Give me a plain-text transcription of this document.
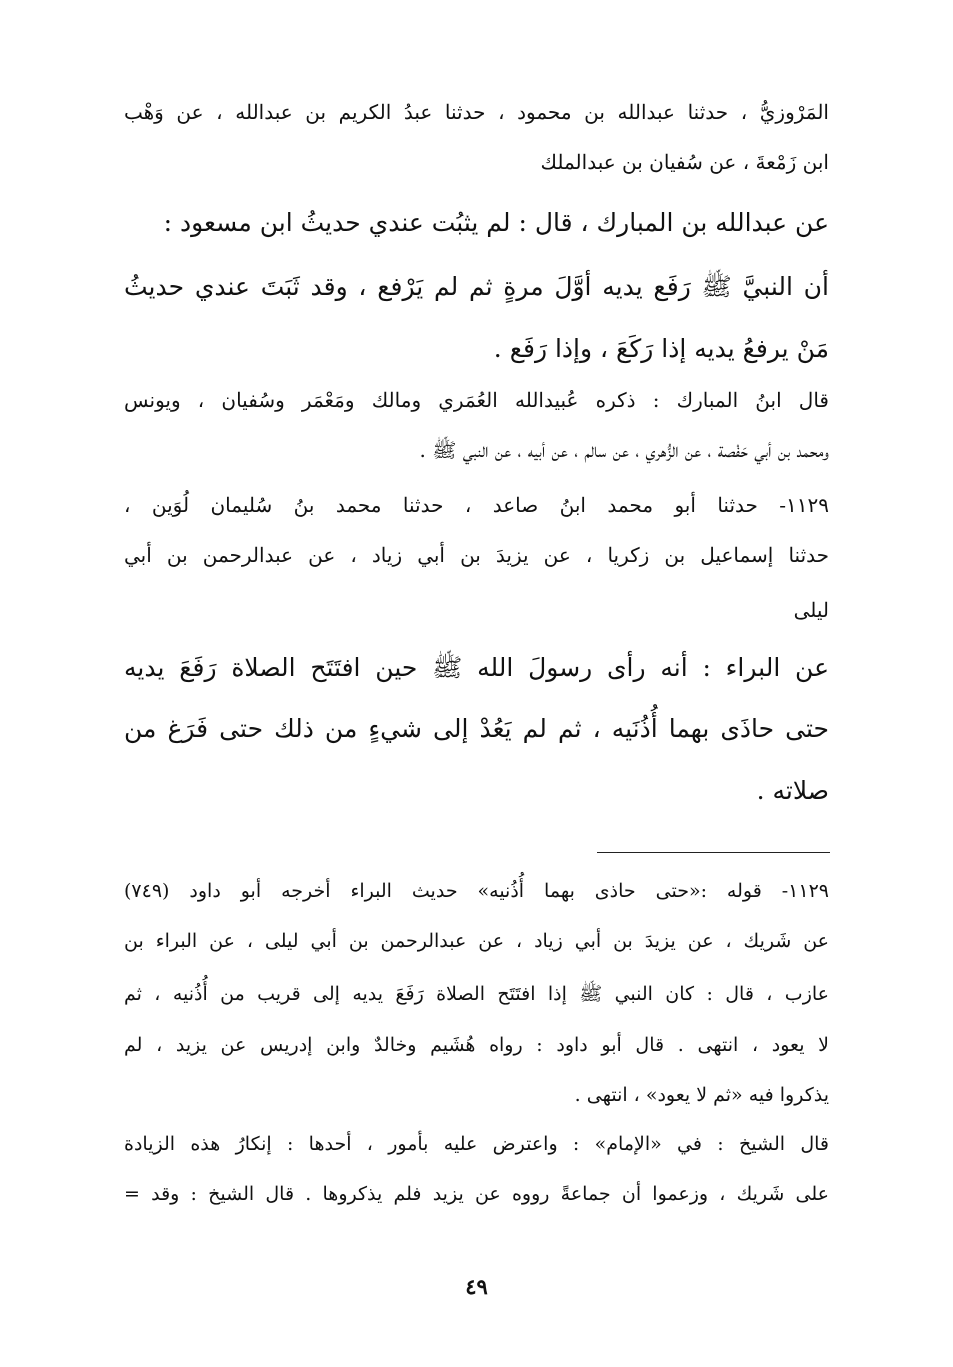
المَرْوزيُّ ، حدثنا عبدالله بن محمود ، حدثنا عبدُ الكريم بن عبدالله ، عن وَهْب
ابن زَمْعةَ ، عن سُفيان بن عبدالملك
عن عبدالله بن المبارك ، قال : لم يثبُت عندي حديثُ ابن مسعود :
أن النبيَّ ﷺ رَفَع يديه أوَّلَ مرةٍ ثم لم يَرْفع ، وقد ثَبَتَ عندي حديثُ
مَنْ يرفعُ يديه إذا رَكَعَ ، وإذا رَفَع .
قال ابنُ المبارك : ذكره عُبيدالله العُمَري ومالك ومَعْمَر وسُفيان ، ويونس
ومحمد بن أبي حَفْصة ، عن الزُّهري ، عن سالم ، عن أبيه ، عن النبي ﷺ .
١١٢٩- حدثنا أبو محمد ابنُ صاعد ، حدثنا محمد بنُ سُليمان لُوَين ،
حدثنا إسماعيل بن زكريا ، عن يزيدَ بن أبي زياد ، عن عبدالرحمن بن أبي
ليلى
عن البراء : أنه رأى رسولَ الله ﷺ حين افتَتَح الصلاة رَفَعَ يديه
حتى حاذَى بهما أُذُنَيه ، ثم لم يَعُدْ إلى شيءٍ من ذلك حتى فَرَغ من
صلاته .
١١٢٩- قوله :«حتى حاذى بهما أُذُنيه» حديث البراء أخرجه أبو داود (٧٤٩)
عن شَريك ، عن يزيدَ بن أبي زياد ، عن عبدالرحمن بن أبي ليلى ، عن البراء بن
عازب ، قال : كان النبي ﷺ إذا افتَتَح الصلاة رَفَعَ يديه إلى قريب من أُذُنيه ، ثم
لا يعود ، انتهى . قال أبو داود : رواه هُشَيم وخالدٌ وابن إدريس عن يزيد ، لم
يذكروا فيه «ثم لا يعود» ، انتهى .
قال الشيخ : في «الإمام» : واعترض عليه بأمور ، أحدها : إنكارُ هذه الزيادة
على شَريك ، وزعموا أن جماعةً رووه عن يزيد فلم يذكروها . قال الشيخ : وقد =
٤٩
